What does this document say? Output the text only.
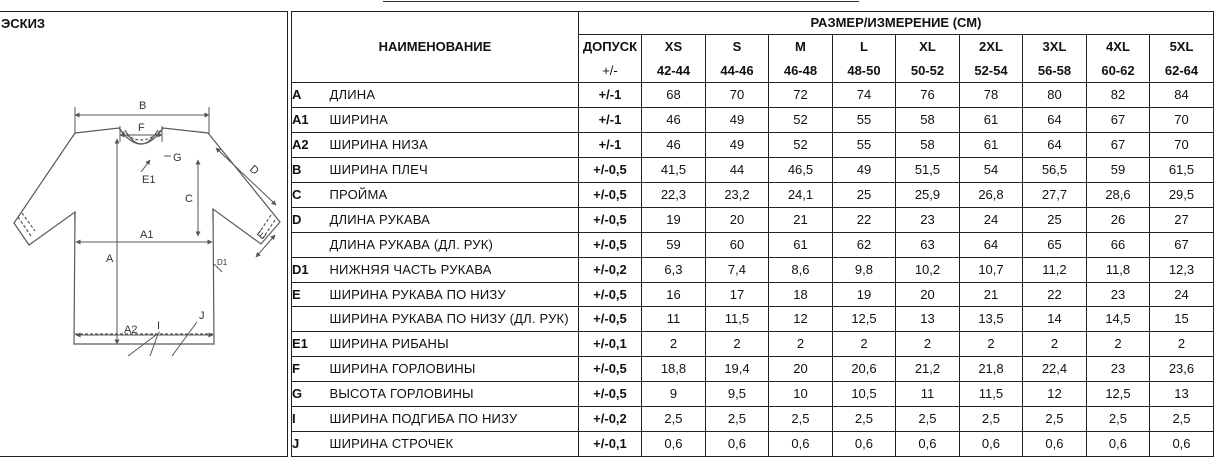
ЭСКИЗ
B
F
G
E1
C
D
E
A1
A	D1
A2 I
J
НАИМЕНОВАНИЕ		РАЗМЕР/ИЗМЕРЕНИЕ (СМ)									
		ДОПУСК	XS	S	M	L	XL	2XL	3XL	4XL	5XL
		+/-	42-44	44-46	46-48	48-50	50-52	52-54	56-58	60-62	62-64
A	ДЛИНА	+/-1	68	70	72	74	76	78	80	82	84
A1	ШИРИНА	+/-1	46	49	52	55	58	61	64	67	70
A2	ШИРИНА НИЗА	+/-1	46	49	52	55	58	61	64	67	70
B	ШИРИНА ПЛЕЧ	+/-0,5	41,5	44	46,5	49	51,5	54	56,5	59	61,5
C	ПРОЙМА	+/-0,5	22,3	23,2	24,1	25	25,9	26,8	27,7	28,6	29,5
D	ДЛИНА РУКАВА	+/-0,5	19	20	21	22	23	24	25	26	27
	ДЛИНА РУКАВА (ДЛ. РУК)	+/-0,5	59	60	61	62	63	64	65	66	67
D1	НИЖНЯЯ ЧАСТЬ РУКАВА	+/-0,2	6,3	7,4	8,6	9,8	10,2	10,7	11,2	11,8	12,3
E	ШИРИНА РУКАВА ПО НИЗУ	+/-0,5	16	17	18	19	20	21	22	23	24
	ШИРИНА РУКАВА ПО НИЗУ (ДЛ. РУК)	+/-0,5	11	11,5	12	12,5	13	13,5	14	14,5	15
E1	ШИРИНА РИБАНЫ	+/-0,1	2	2	2	2	2	2	2	2	2
F	ШИРИНА ГОРЛОВИНЫ	+/-0,5	18,8	19,4	20	20,6	21,2	21,8	22,4	23	23,6
G	ВЫСОТА ГОРЛОВИНЫ	+/-0,5	9	9,5	10	10,5	11	11,5	12	12,5	13
I	ШИРИНА ПОДГИБА ПО НИЗУ	+/-0,2	2,5	2,5	2,5	2,5	2,5	2,5	2,5	2,5	2,5
J	ШИРИНА СТРОЧЕК	+/-0,1	0,6	0,6	0,6	0,6	0,6	0,6	0,6	0,6	0,6
